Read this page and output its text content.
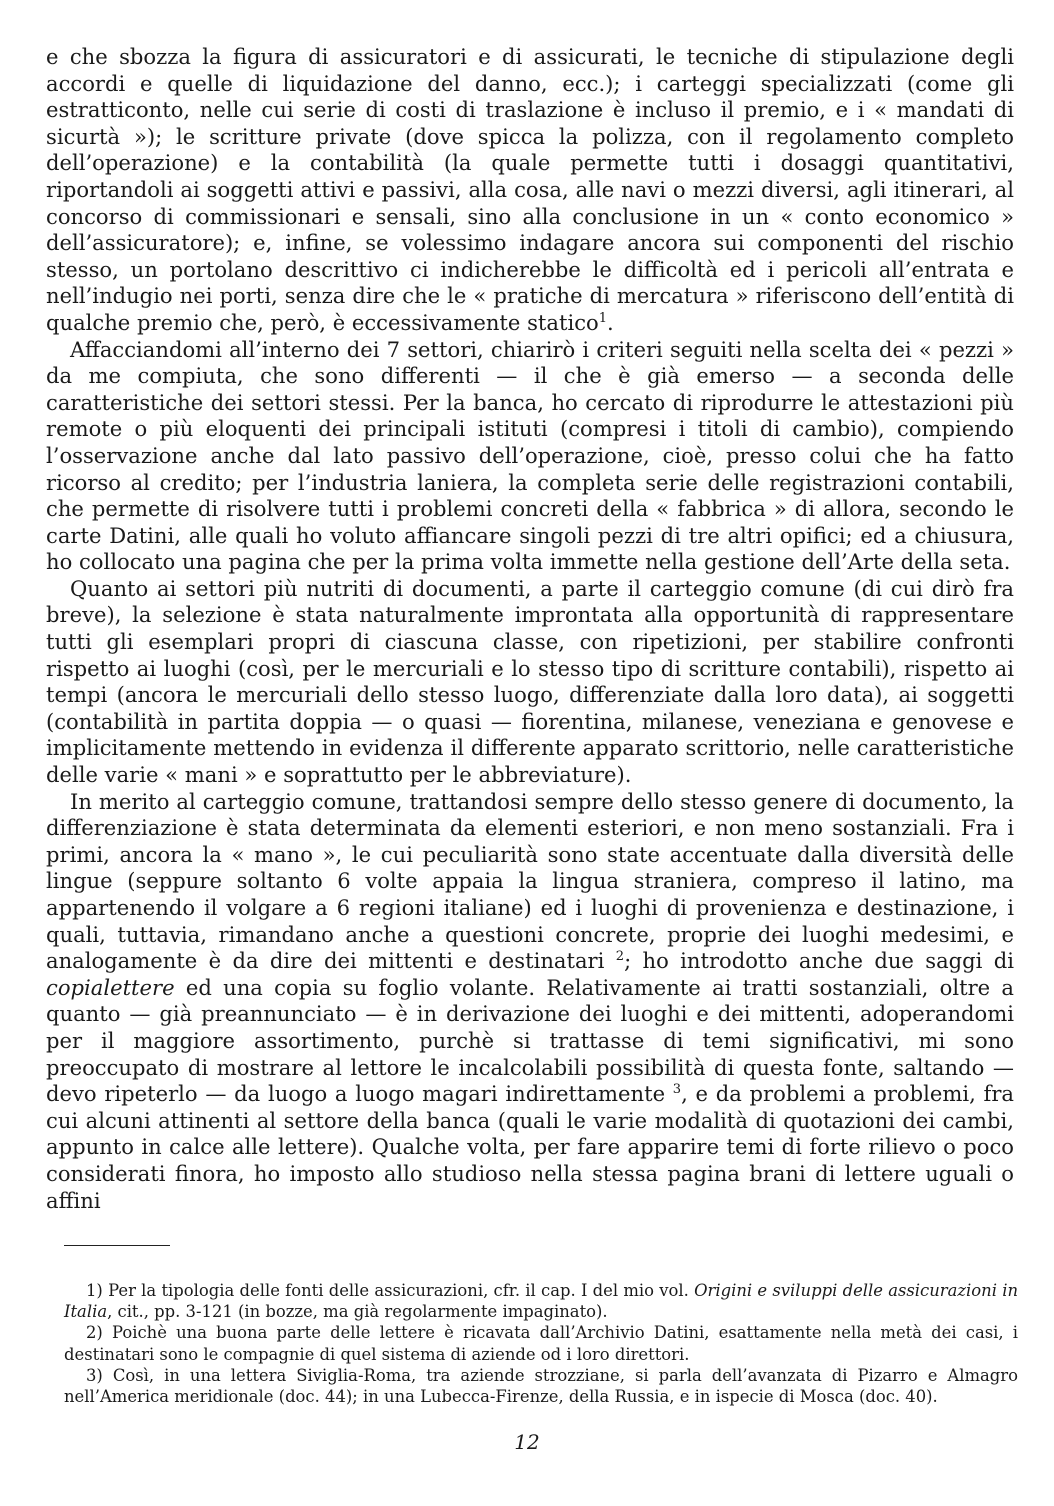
e che sbozza la figura di assicuratori e di assicurati, le tecniche di stipulazione degli accordi e quelle di liquidazione del danno, ecc.); i carteggi specializzati (come gli estratticonto, nelle cui serie di costi di traslazione è incluso il premio, e i « mandati di sicurtà »); le scritture private (dove spicca la polizza, con il regolamento completo dell’operazione) e la contabilità (la quale permette tutti i dosaggi quantitativi, riportandoli ai soggetti attivi e passivi, alla cosa, alle navi o mezzi diversi, agli itinerari, al concorso di commissionari e sensali, sino alla conclusione in un « conto economico » dell’assicuratore); e, infine, se volessimo indagare ancora sui componenti del rischio stesso, un portolano descrittivo ci indicherebbe le difficoltà ed i pericoli all’entrata e nell’indugio nei porti, senza dire che le « pratiche di mercatura » riferiscono dell’entità di qualche premio che, però, è eccessivamente statico$^1$.

Affacciandomi all’interno dei 7 settori, chiarirò i criteri seguiti nella scelta dei « pezzi » da me compiuta, che sono differenti — il che è già emerso — a seconda delle caratteristiche dei settori stessi. Per la banca, ho cercato di riprodurre le attestazioni più remote o più eloquenti dei principali istituti (compresi i titoli di cambio), compiendo l’osservazione anche dal lato passivo dell’operazione, cioè, presso colui che ha fatto ricorso al credito; per l’industria laniera, la completa serie delle registrazioni contabili, che permette di risolvere tutti i problemi concreti della « fabbrica » di allora, secondo le carte Datini, alle quali ho voluto affiancare singoli pezzi di tre altri opifici; ed a chiusura, ho collocato una pagina che per la prima volta immette nella gestione dell’Arte della seta.

Quanto ai settori più nutriti di documenti, a parte il carteggio comune (di cui dirò fra breve), la selezione è stata naturalmente improntata alla opportunità di rappresentare tutti gli esemplari propri di ciascuna classe, con ripetizioni, per stabilire confronti rispetto ai luoghi (così, per le mercuriali e lo stesso tipo di scritture contabili), rispetto ai tempi (ancora le mercuriali dello stesso luogo, differenziate dalla loro data), ai soggetti (contabilità in partita doppia — o quasi — fiorentina, milanese, veneziana e genovese e implicitamente mettendo in evidenza il differente apparato scrittorio, nelle caratteristiche delle varie « mani » e soprattutto per le abbreviature).

In merito al carteggio comune, trattandosi sempre dello stesso genere di documento, la differenziazione è stata determinata da elementi esteriori, e non meno sostanziali. Fra i primi, ancora la « mano », le cui peculiarità sono state accentuate dalla diversità delle lingue (seppure soltanto 6 volte appaia la lingua straniera, compreso il latino, ma appartenendo il volgare a 6 regioni italiane) ed i luoghi di provenienza e destinazione, i quali, tuttavia, rimandano anche a questioni concrete, proprie dei luoghi medesimi, e analogamente è da dire dei mittenti e destinatari $^2$; ho introdotto anche due saggi di copialettere ed una copia su foglio volante. Relativamente ai tratti sostanziali, oltre a quanto — già preannunciato — è in derivazione dei luoghi e dei mittenti, adoperandomi per il maggiore assortimento, purchè si trattasse di temi significativi, mi sono preoccupato di mostrare al lettore le incalcolabili possibilità di questa fonte, saltando — devo ripeterlo — da luogo a luogo magari indirettamente $^3$, e da problemi a problemi, fra cui alcuni attinenti al settore della banca (quali le varie modalità di quotazioni dei cambi, appunto in calce alle lettere). Qualche volta, per fare apparire temi di forte rilievo o poco considerati finora, ho imposto allo studioso nella stessa pagina brani di lettere uguali o affini

1) Per la tipologia delle fonti delle assicurazioni, cfr. il cap. I del mio vol. Origini e sviluppi delle assicurazioni in Italia, cit., pp. 3-121 (in bozze, ma già regolarmente impaginato).

2) Poichè una buona parte delle lettere è ricavata dall’Archivio Datini, esattamente nella metà dei casi, i destinatari sono le compagnie di quel sistema di aziende od i loro direttori.

3) Così, in una lettera Siviglia-Roma, tra aziende strozziane, si parla dell’avanzata di Pizarro e Almagro nell’America meridionale (doc. 44); in una Lubecca-Firenze, della Russia, e in ispecie di Mosca (doc. 40).

12
